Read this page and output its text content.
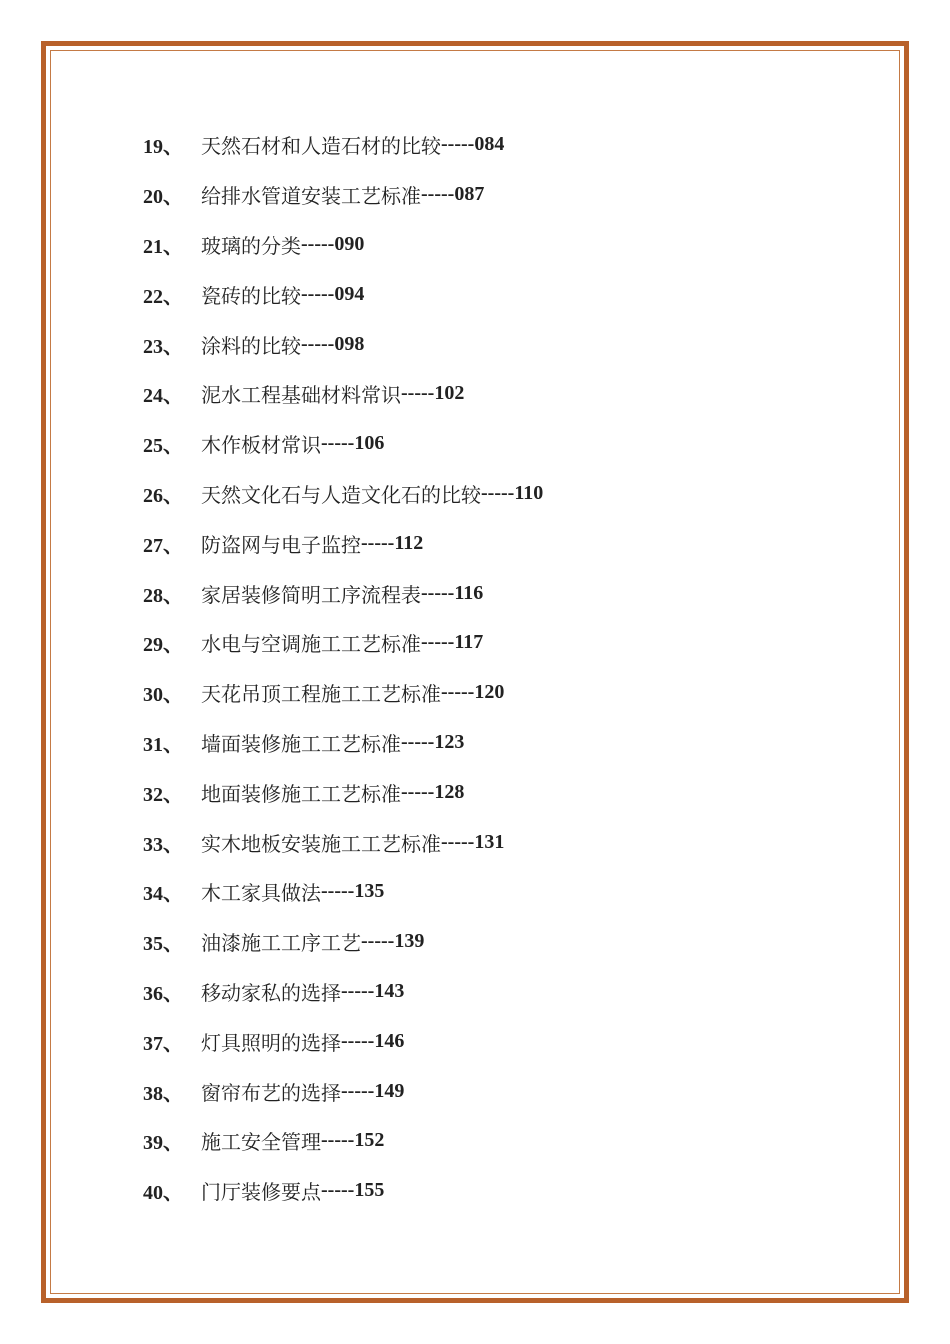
19、 天然石材和人造石材的比较 ----- 084
20、 给排水管道安装工艺标准 ----- 087
21、 玻璃的分类 ----- 090
22、 瓷砖的比较 ----- 094
23、 涂料的比较 ----- 098
24、 泥水工程基础材料常识 ----- 102
25、 木作板材常识 ----- 106
26、 天然文化石与人造文化石的比较 ----- 110
27、 防盗网与电子监控 ----- 112
28、 家居装修简明工序流程表 ----- 116
29、 水电与空调施工工艺标准 ----- 117
30、 天花吊顶工程施工工艺标准 ----- 120
31、 墙面装修施工工艺标准 ----- 123
32、 地面装修施工工艺标准 ----- 128
33、 实木地板安装施工工艺标准 ----- 131
34、 木工家具做法 ----- 135
35、 油漆施工工序工艺 ----- 139
36、 移动家私的选择 ----- 143
37、 灯具照明的选择 ----- 146
38、 窗帘布艺的选择 ----- 149
39、 施工安全管理 ----- 152
40、 门厅装修要点 ----- 155
